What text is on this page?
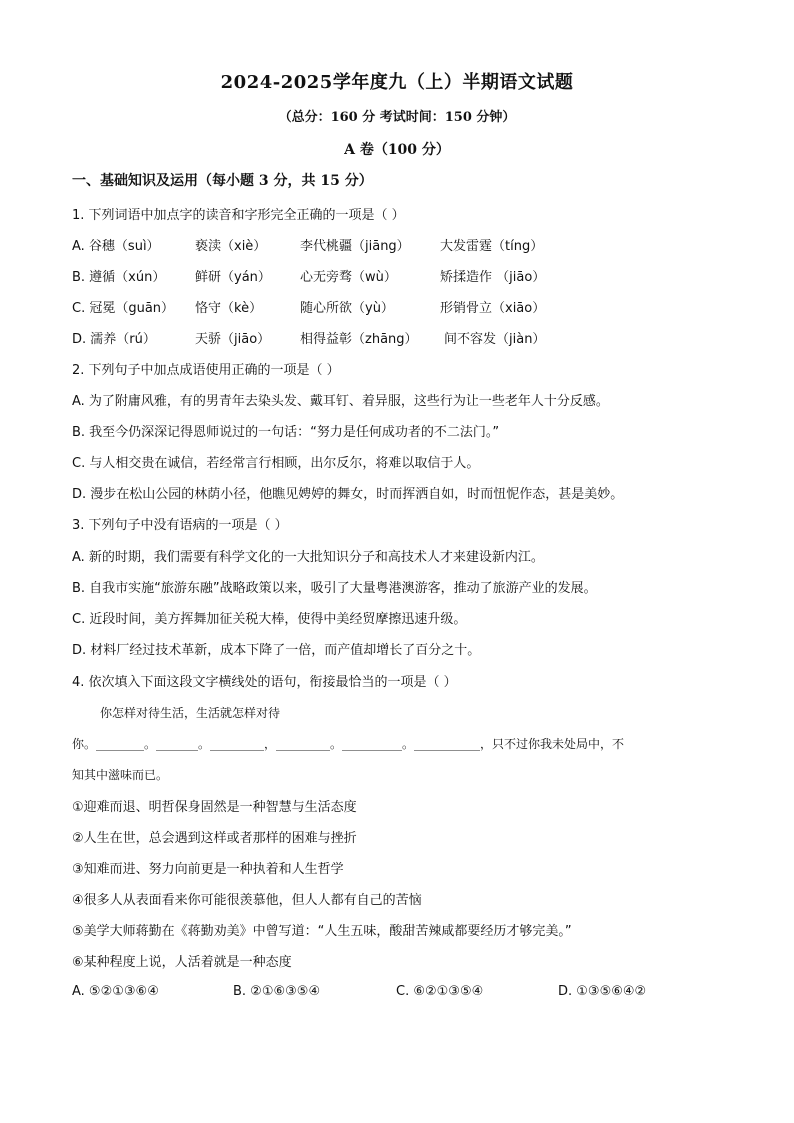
2024-2025学年度九（上）半期语文试题
（总分：160 分 考试时间：150 分钟）
A 卷（100 分）
一、基础知识及运用（每小题 3 分，共 15 分）
1. 下列词语中加点字的读音和字形完全正确的一项是（ ）
A. 谷穗（suì）	亵渎（xiè）	李代桃疆（jiāng） 大发雷霆（tíng）
B. 遵循（xún） 鲜研（yán） 心无旁骛（wù）	矫揉造作 （jiāo）
C. 冠冕（guān） 恪守（kè）	随心所欲（yù）	形销骨立（xiāo）
D. 濡养（rú）	天骄（jiāo） 相得益彰（zhāng） 间不容发（jiàn）
2. 下列句子中加点成语使用正确的一项是（ ）
A. 为了附庸风雅，有的男青年去染头发、戴耳钉、着异服，这些行为让一些老年人十分反感。
B. 我至今仍深深记得恩师说过的一句话：“努力是任何成功者的不二法门。”
C. 与人相交贵在诚信，若经常言行相顾，出尔反尔，将难以取信于人。
D. 漫步在松山公园的林荫小径，他瞧见娉婷的舞女，时而挥洒自如，时而忸怩作态，甚是美妙。
3. 下列句子中没有语病的一项是（ ）
A. 新的时期，我们需要有科学文化的一大批知识分子和高技术人才来建设新内江。
B. 自我市实施“旅游东融”战略政策以来，吸引了大量粤港澳游客，推动了旅游产业的发展。
C. 近段时间，美方挥舞加征关税大棒，使得中美经贸摩擦迅速升级。
D. 材料厂经过技术革新，成本下降了一倍，而产值却增长了百分之十。
4. 依次填入下面这段文字横线处的语句，衔接最恰当的一项是（ ）
你怎样对待生活，生活就怎样对待
你。________。_______。_________，_________。__________。___________，只不过你我未处局中，不
知其中滋味而已。
①迎难而退、明哲保身固然是一种智慧与生活态度
②人生在世，总会遇到这样或者那样的困难与挫折
③知难而进、努力向前更是一种执着和人生哲学
④很多人从表面看来你可能很羡慕他，但人人都有自己的苦恼
⑤美学大师蒋勤在《蒋勤劝美》中曾写道：“人生五味，酸甜苦辣咸都要经历才够完美。”
⑥某种程度上说，人活着就是一种态度
A. ⑤②①③⑥④	B. ②①⑥③⑤④	C. ⑥②①③⑤④	D. ①③⑤⑥④②
